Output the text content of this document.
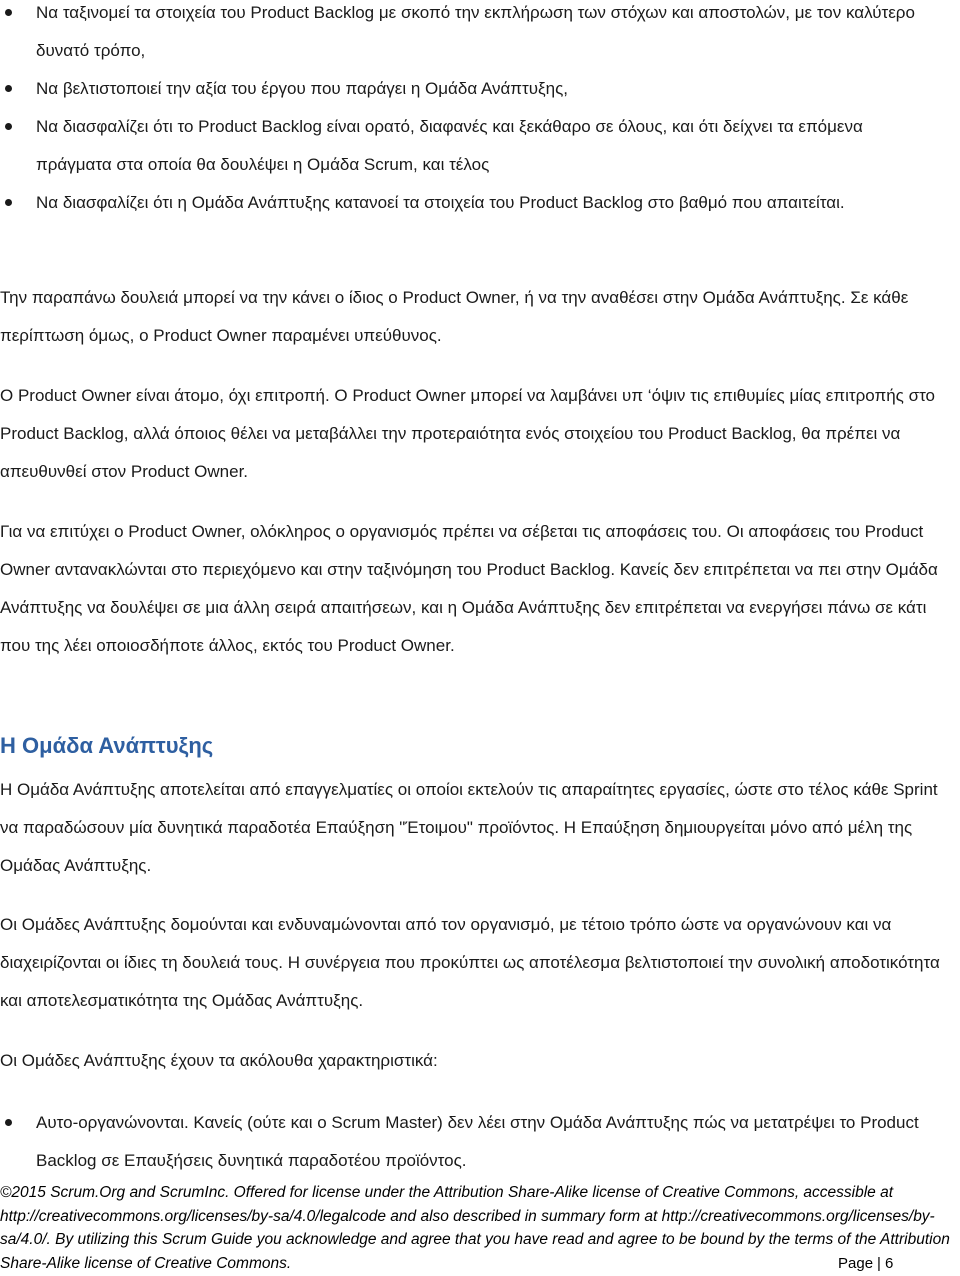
Να ταξινομεί τα στοιχεία του Product Backlog με σκοπό την εκπλήρωση των στόχων και αποστολών, με τον καλύτερο δυνατό τρόπο,
Να βελτιστοποιεί την αξία του έργου που παράγει η Ομάδα Ανάπτυξης,
Να διασφαλίζει ότι το Product Backlog είναι ορατό, διαφανές και ξεκάθαρο σε όλους, και ότι δείχνει τα επόμενα πράγματα στα οποία θα δουλέψει η Ομάδα Scrum, και τέλος
Να διασφαλίζει ότι η Ομάδα Ανάπτυξης κατανοεί τα στοιχεία του Product Backlog στο βαθμό που απαιτείται.

Την παραπάνω δουλειά μπορεί να την κάνει ο ίδιος ο Product Owner, ή να την αναθέσει στην Ομάδα Ανάπτυξης. Σε κάθε περίπτωση όμως, ο Product Owner παραμένει υπεύθυνος.

Ο Product Owner είναι άτομο, όχι επιτροπή. Ο Product Owner μπορεί να λαμβάνει υπ ‘όψιν τις επιθυμίες μίας επιτροπής στο Product Backlog, αλλά όποιος θέλει να μεταβάλλει την προτεραιότητα ενός στοιχείου του Product Backlog, θα πρέπει να απευθυνθεί στον Product Owner.

Για να επιτύχει ο Product Owner, ολόκληρος ο οργανισμός πρέπει να σέβεται τις αποφάσεις του. Οι αποφάσεις του Product Owner αντανακλώνται στο περιεχόμενο και στην ταξινόμηση του Product Backlog. Κανείς δεν επιτρέπεται να πει στην Ομάδα Ανάπτυξης να δουλέψει σε μια άλλη σειρά απαιτήσεων, και η Ομάδα Ανάπτυξης δεν επιτρέπεται να ενεργήσει πάνω σε κάτι που της λέει οποιοσδήποτε άλλος, εκτός του Product Owner.

Η Ομάδα Ανάπτυξης

Η Ομάδα Ανάπτυξης αποτελείται από επαγγελματίες οι οποίοι εκτελούν τις απαραίτητες εργασίες, ώστε στο τέλος κάθε Sprint να παραδώσουν μία δυνητικά παραδοτέα Επαύξηση "Έτοιμου" προϊόντος. Η Επαύξηση δημιουργείται μόνο από μέλη της Ομάδας Ανάπτυξης.

Οι Ομάδες Ανάπτυξης δομούνται και ενδυναμώνονται από τον οργανισμό, με τέτοιο τρόπο ώστε να οργανώνουν και να διαχειρίζονται οι ίδιες τη δουλειά τους. Η συνέργεια που προκύπτει ως αποτέλεσμα βελτιστοποιεί την συνολική αποδοτικότητα και αποτελεσματικότητα της Ομάδας Ανάπτυξης.

Οι Ομάδες Ανάπτυξης έχουν τα ακόλουθα χαρακτηριστικά:

Αυτο-οργανώνονται. Κανείς (ούτε και ο Scrum Master) δεν λέει στην Ομάδα Ανάπτυξης πώς να μετατρέψει το Product Backlog σε Επαυξήσεις δυνητικά παραδοτέου προϊόντος.
©2015 Scrum.Org and ScrumInc. Offered for license under the Attribution Share-Alike license of Creative Commons, accessible at http://creativecommons.org/licenses/by-sa/4.0/legalcode and also described in summary form at http://creativecommons.org/licenses/by-sa/4.0/. By utilizing this Scrum Guide you acknowledge and agree that you have read and agree to be bound by the terms of the Attribution Share-Alike license of Creative Commons.	Page | 6
